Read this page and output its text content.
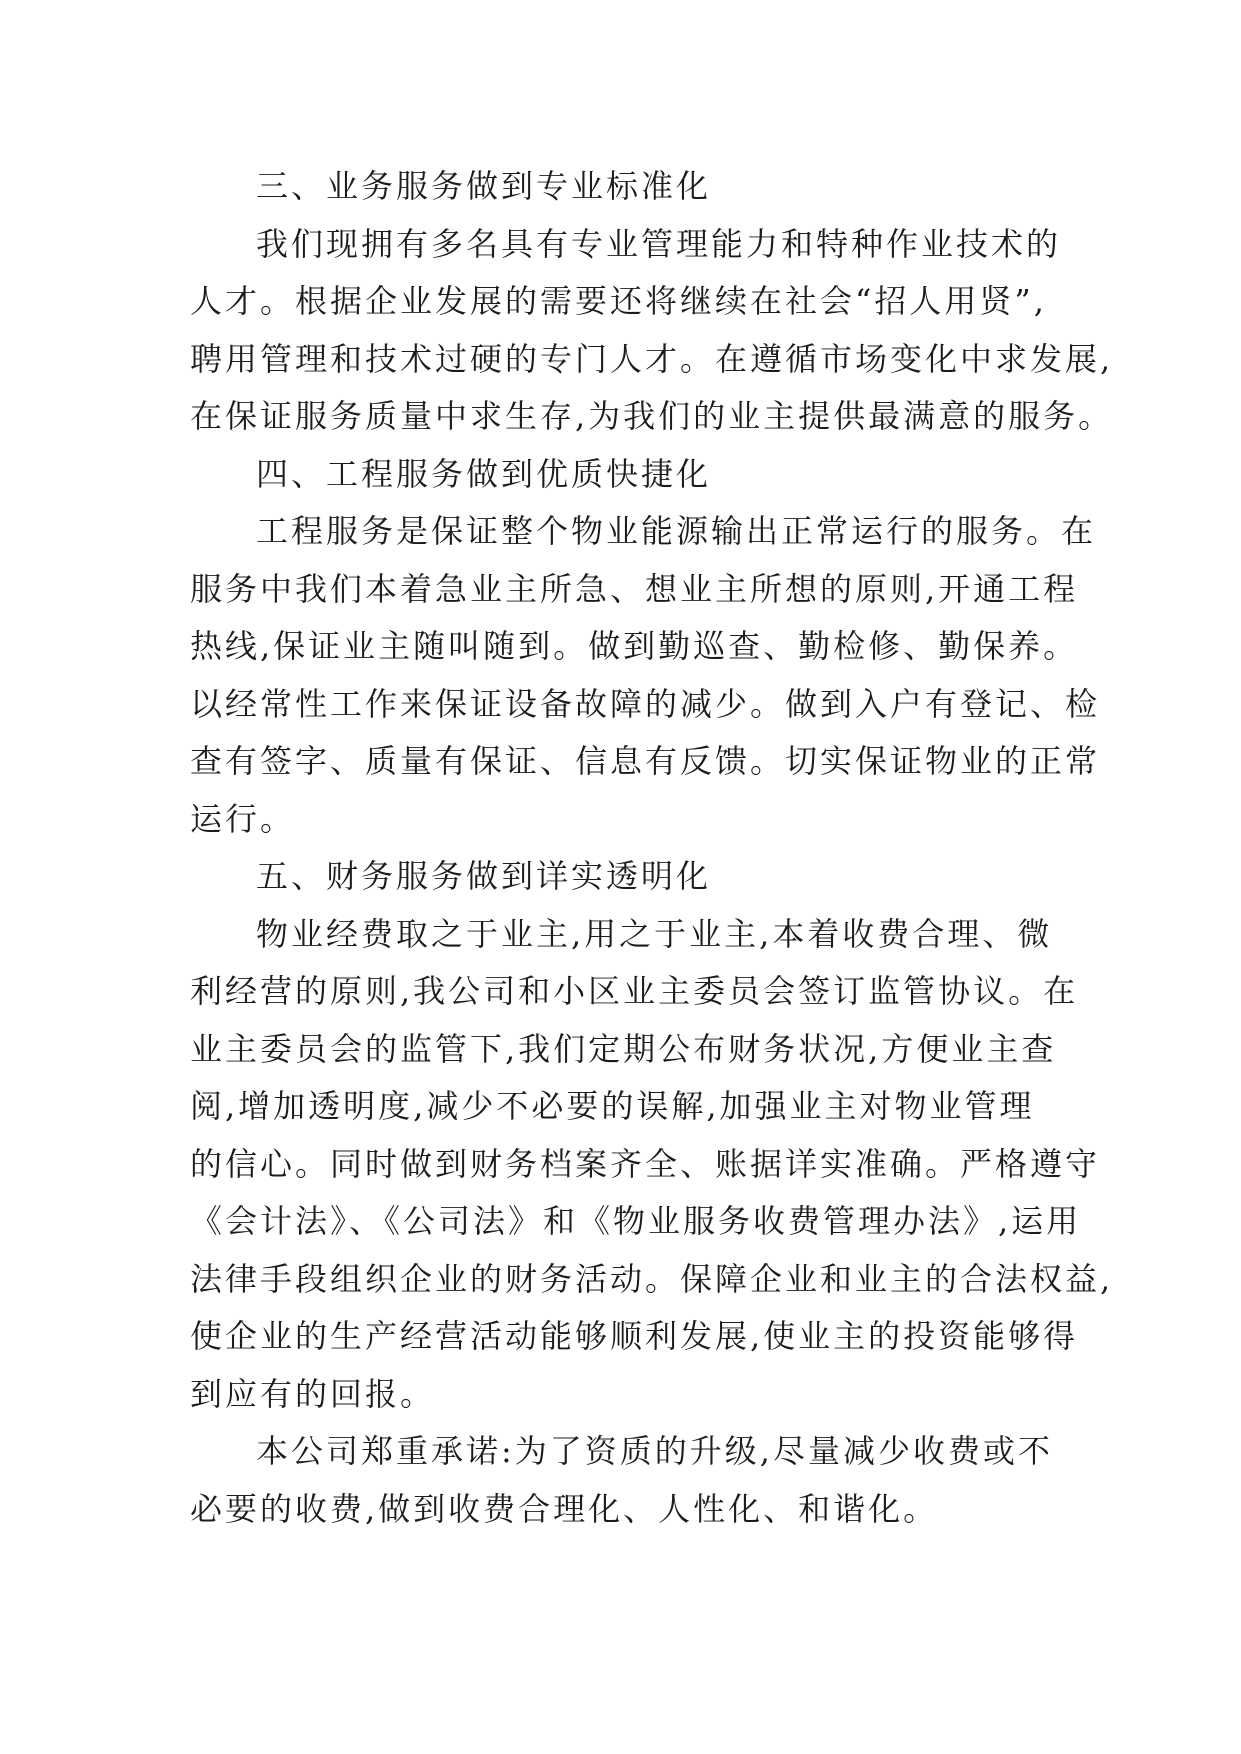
三、业务服务做到专业标准化
我们现拥有多名具有专业管理能力和特种作业技术的
人才。根据企业发展的需要还将继续在社会“招人用贤”,
聘用管理和技术过硬的专门人才。在遵循市场变化中求发展,
在保证服务质量中求生存,为我们的业主提供最满意的服务。
四、工程服务做到优质快捷化
工程服务是保证整个物业能源输出正常运行的服务。在
服务中我们本着急业主所急、想业主所想的原则,开通工程
热线,保证业主随叫随到。做到勤巡查、勤检修、勤保养。
以经常性工作来保证设备故障的减少。做到入户有登记、检
查有签字、质量有保证、信息有反馈。切实保证物业的正常
运行。
五、财务服务做到详实透明化
物业经费取之于业主,用之于业主,本着收费合理、微
利经营的原则,我公司和小区业主委员会签订监管协议。在
业主委员会的监管下,我们定期公布财务状况,方便业主查
阅,增加透明度,减少不必要的误解,加强业主对物业管理
的信心。同时做到财务档案齐全、账据详实准确。严格遵守
《会计法》、《公司法》和《物业服务收费管理办法》,运用
法律手段组织企业的财务活动。保障企业和业主的合法权益,
使企业的生产经营活动能够顺利发展,使业主的投资能够得
到应有的回报。
本公司郑重承诺:为了资质的升级,尽量减少收费或不
必要的收费,做到收费合理化、人性化、和谐化。
